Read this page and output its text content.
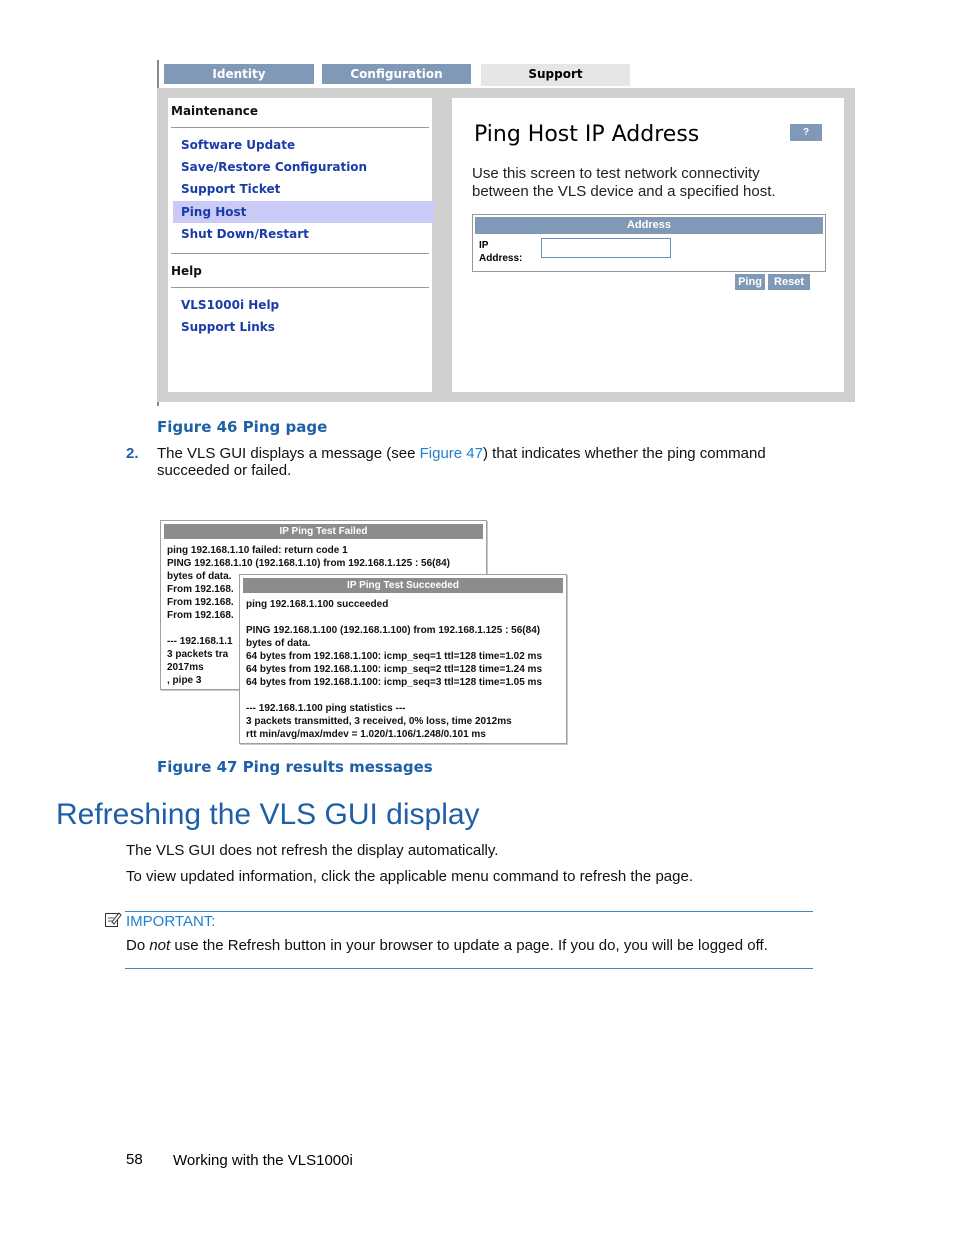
Identity	Configuration	Support
Maintenance
Software Update
Save/Restore Configuration
Support Ticket
Ping Host
Shut Down/Restart
Help
VLS1000i Help
Support Links
Ping Host IP Address	?
Use this screen to test network connectivity between the VLS device and a specified host.
Address
IP
Address:
Ping	Reset
Figure 46 Ping page
2. The VLS GUI displays a message (see Figure 47) that indicates whether the ping command succeeded or failed.
IP Ping Test Failed
ping 192.168.1.10 failed: return code 1
PING 192.168.1.10 (192.168.1.10) from 192.168.1.125 : 56(84)
bytes of data.
From 192.168.
From 192.168.
From 192.168.
--- 192.168.1.1
3 packets tra
2017ms
, pipe 3
IP Ping Test Succeeded
ping 192.168.1.100 succeeded
PING 192.168.1.100 (192.168.1.100) from 192.168.1.125 : 56(84)
bytes of data.
64 bytes from 192.168.1.100: icmp_seq=1 ttl=128 time=1.02 ms
64 bytes from 192.168.1.100: icmp_seq=2 ttl=128 time=1.24 ms
64 bytes from 192.168.1.100: icmp_seq=3 ttl=128 time=1.05 ms
--- 192.168.1.100 ping statistics ---
3 packets transmitted, 3 received, 0% loss, time 2012ms
rtt min/avg/max/mdev = 1.020/1.106/1.248/0.101 ms
Figure 47 Ping results messages
Refreshing the VLS GUI display
The VLS GUI does not refresh the display automatically.
To view updated information, click the applicable menu command to refresh the page.
IMPORTANT:
Do not use the Refresh button in your browser to update a page. If you do, you will be logged off.
58 Working with the VLS1000i
